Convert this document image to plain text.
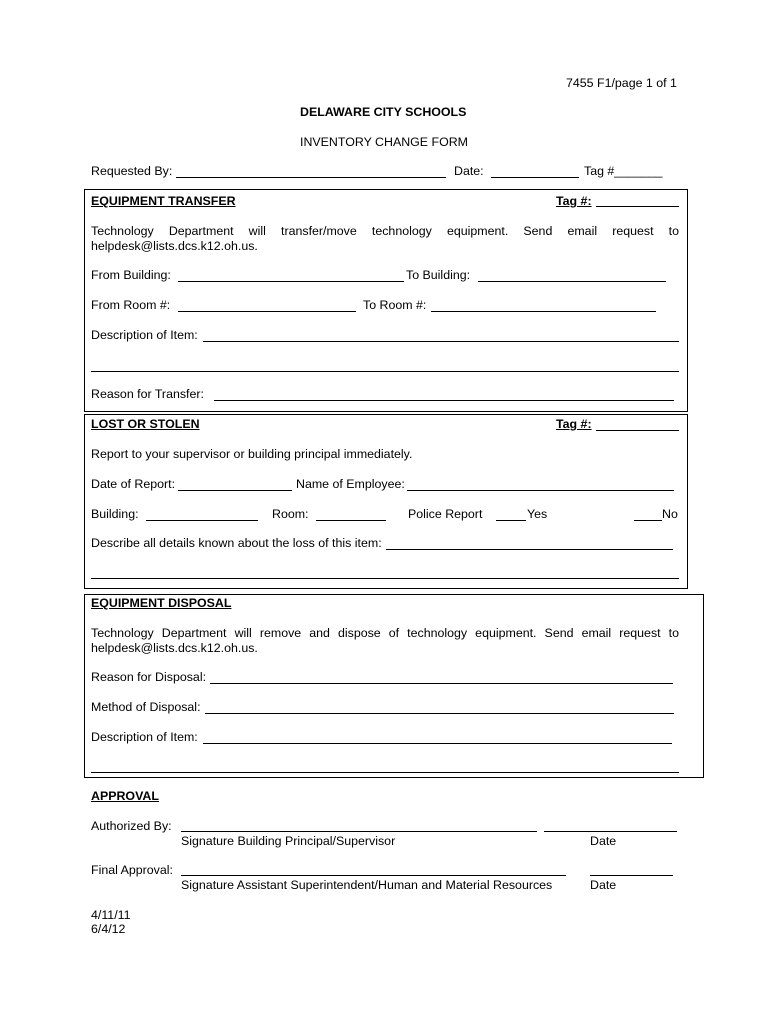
7455 F1/page 1 of 1
DELAWARE CITY SCHOOLS
INVENTORY CHANGE FORM
Requested By:	Date:	Tag #_______
EQUIPMENT TRANSFER	Tag #:
Technology Department will transfer/move technology equipment. Send email request to
helpdesk@lists.dcs.k12.oh.us.
From Building:	To Building:
From Room #:	To Room #:
Description of Item:
Reason for Transfer:
LOST OR STOLEN	Tag #:
Report to your supervisor or building principal immediately.
Date of Report:	Name of Employee:
Building:	Room:	Police Report	Yes	No
Describe all details known about the loss of this item:
EQUIPMENT DISPOSAL
Technology Department will remove and dispose of technology equipment. Send email request to
helpdesk@lists.dcs.k12.oh.us.
Reason for Disposal:
Method of Disposal:
Description of Item:
APPROVAL
Authorized By:
Signature Building Principal/Supervisor	Date
Final Approval:
Signature Assistant Superintendent/Human and Material Resources	Date
4/11/11
6/4/12
